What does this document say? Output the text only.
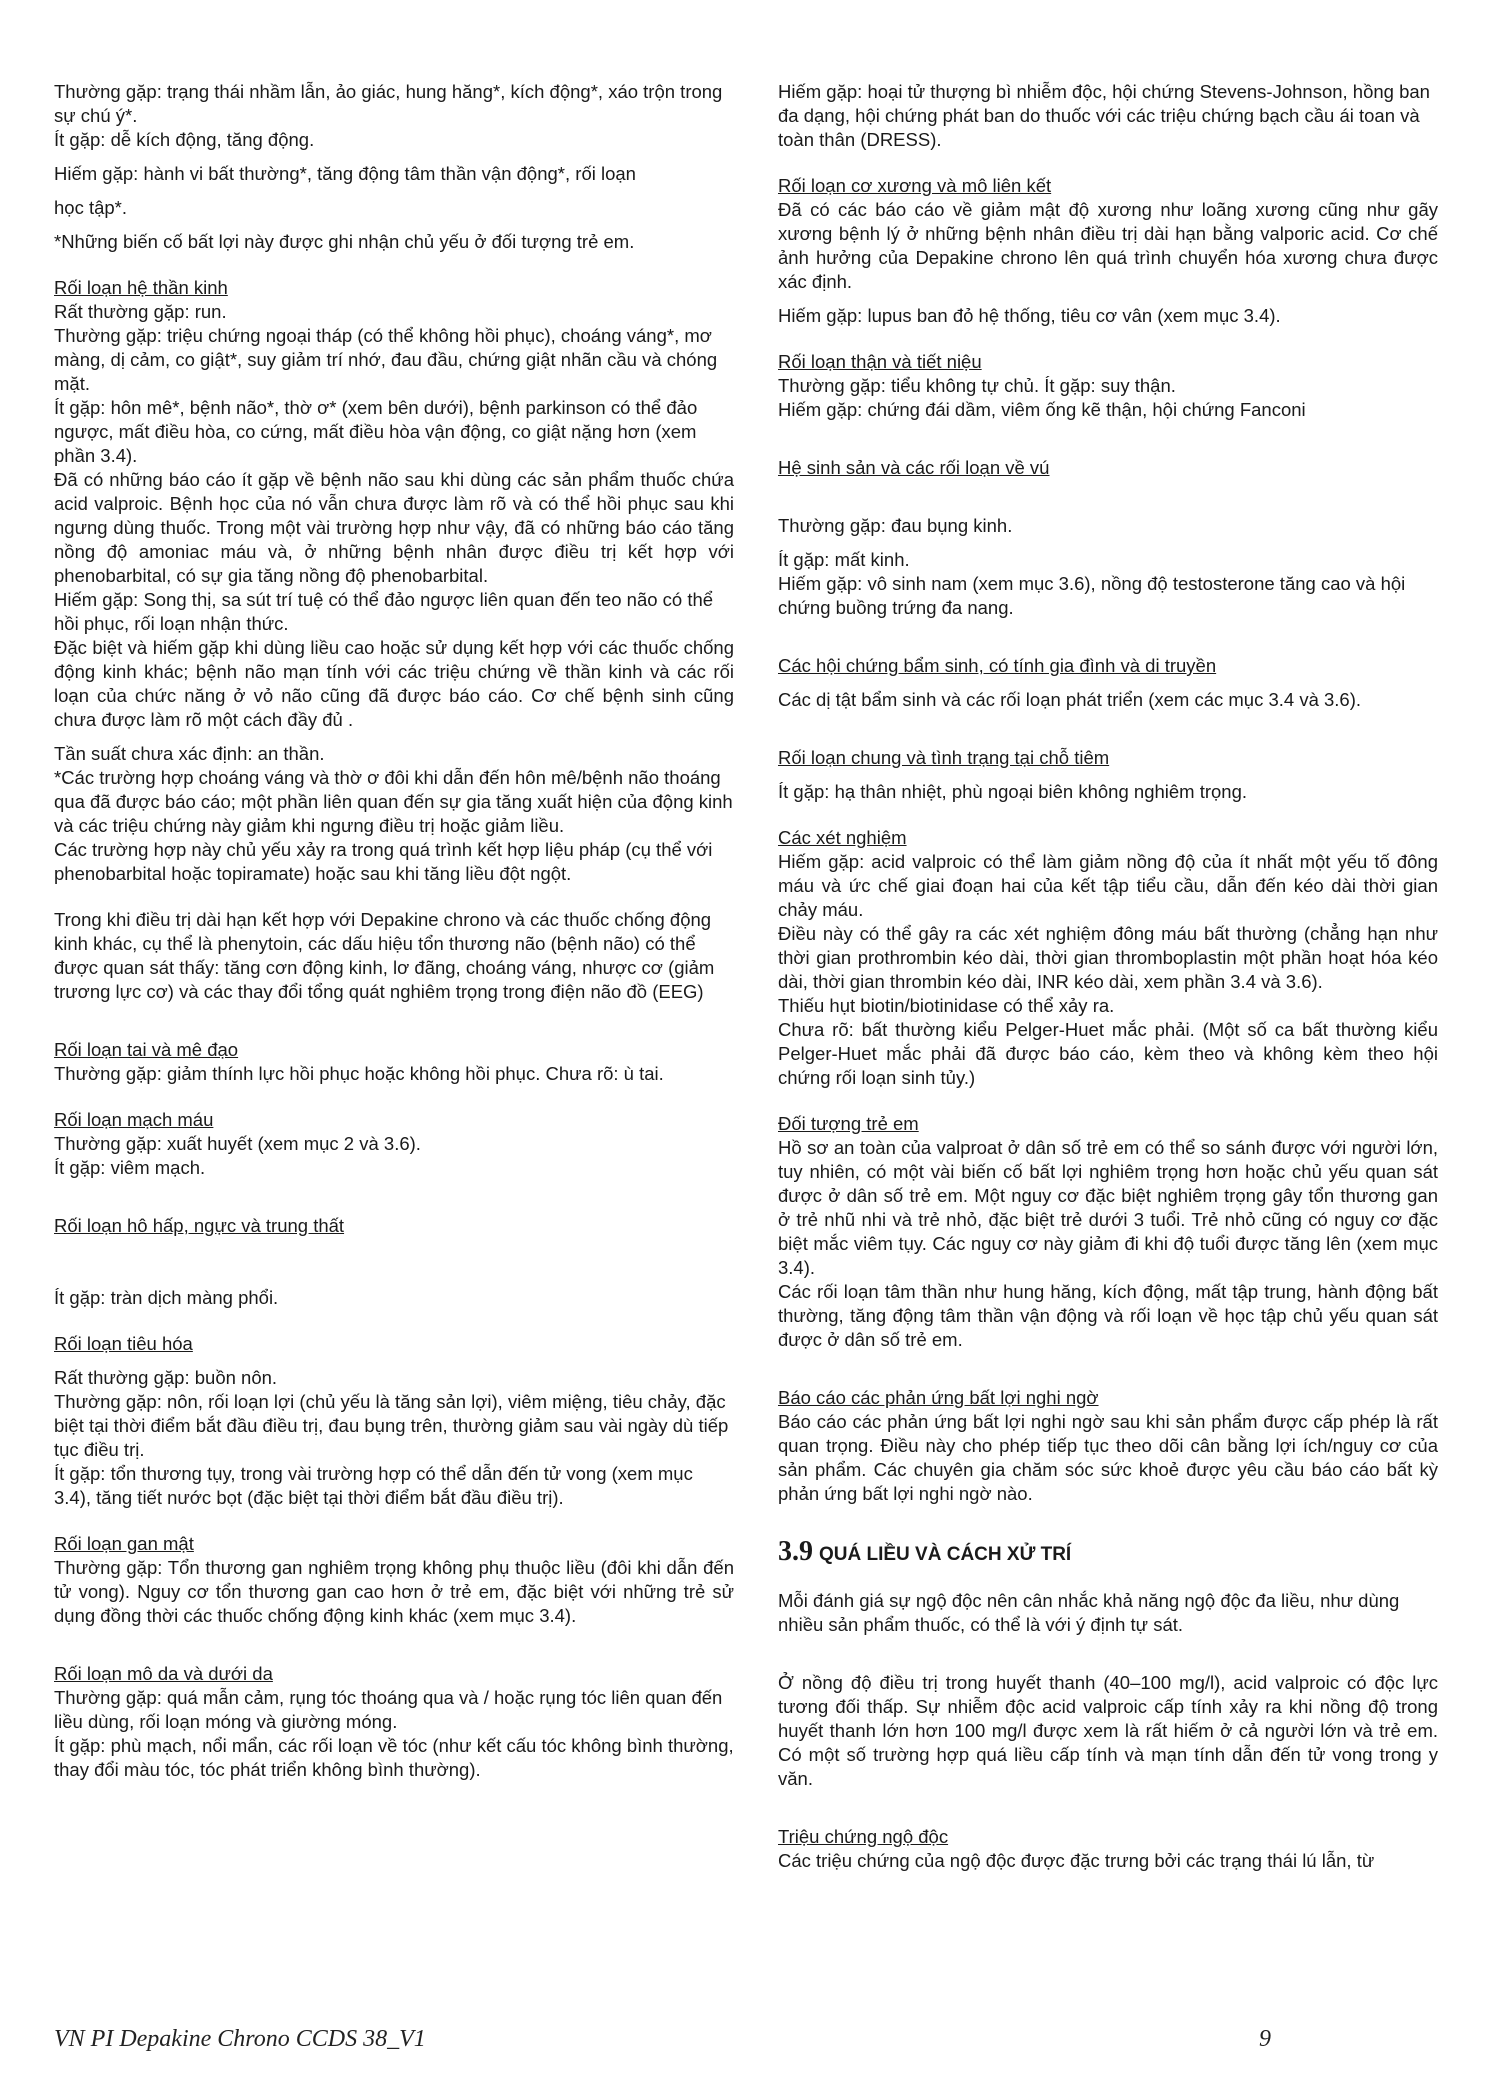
Thường gặp: trạng thái nhầm lẫn, ảo giác, hung hăng*, kích động*, xáo trộn trong sự chú ý*.

Ít gặp: dễ kích động, tăng động.

Hiếm gặp: hành vi bất thường*, tăng động tâm thần vận động*, rối loạn

học tập*.

*Những biến cố bất lợi này được ghi nhận chủ yếu ở đối tượng trẻ em.

Rối loạn hệ thần kinh

Rất thường gặp: run.

Thường gặp: triệu chứng ngoại tháp (có thể không hồi phục), choáng váng*, mơ màng, dị cảm, co giật*, suy giảm trí nhớ, đau đầu, chứng giật nhãn cầu và chóng mặt.

Ít gặp: hôn mê*, bệnh não*, thờ ơ* (xem bên dưới), bệnh parkinson có thể đảo ngược, mất điều hòa, co cứng, mất điều hòa vận động, co giật nặng hơn (xem phần 3.4).

Đã có những báo cáo ít gặp về bệnh não sau khi dùng các sản phẩm thuốc chứa acid valproic. Bệnh học của nó vẫn chưa được làm rõ và có thể hồi phục sau khi ngưng dùng thuốc. Trong một vài trường hợp như vậy, đã có những báo cáo tăng nồng độ amoniac máu và, ở những bệnh nhân được điều trị kết hợp với phenobarbital, có sự gia tăng nồng độ phenobarbital.

Hiếm gặp: Song thị, sa sút trí tuệ có thể đảo ngược liên quan đến teo não có thể hồi phục, rối loạn nhận thức.

Đặc biệt và hiếm gặp khi dùng liều cao hoặc sử dụng kết hợp với các thuốc chống động kinh khác; bệnh não mạn tính với các triệu chứng về thần kinh và các rối loạn của chức năng ở vỏ não cũng đã được báo cáo. Cơ chế bệnh sinh cũng chưa được làm rõ một cách đầy đủ .

Tần suất chưa xác định: an thần.

*Các trường hợp choáng váng và thờ ơ đôi khi dẫn đến hôn mê/bệnh não thoáng qua đã được báo cáo; một phần liên quan đến sự gia tăng xuất hiện của động kinh và các triệu chứng này giảm khi ngưng điều trị hoặc giảm liều.

Các trường hợp này chủ yếu xảy ra trong quá trình kết hợp liệu pháp (cụ thể với phenobarbital hoặc topiramate) hoặc sau khi tăng liều đột ngột.

Trong khi điều trị dài hạn kết hợp với Depakine chrono và các thuốc chống động kinh khác, cụ thể là phenytoin, các dấu hiệu tổn thương não (bệnh não) có thể được quan sát thấy: tăng cơn động kinh, lơ đãng, choáng váng, nhược cơ (giảm trương lực cơ) và các thay đổi tổng quát nghiêm trọng trong điện não đồ (EEG)

Rối loạn tai và mê đạo

Thường gặp: giảm thính lực hồi phục hoặc không hồi phục. Chưa rõ: ù tai.

Rối loạn mạch máu

Thường gặp: xuất huyết (xem mục 2 và 3.6).

Ít gặp: viêm mạch.

Rối loạn hô hấp, ngực và trung thất

Ít gặp: tràn dịch màng phổi.

Rối loạn tiêu hóa

Rất thường gặp: buồn nôn.

Thường gặp: nôn, rối loạn lợi (chủ yếu là tăng sản lợi), viêm miệng, tiêu chảy, đặc biệt tại thời điểm bắt đầu điều trị, đau bụng trên, thường giảm sau vài ngày dù tiếp tục điều trị.

Ít gặp: tổn thương tụy, trong vài trường hợp có thể dẫn đến tử vong (xem mục 3.4), tăng tiết nước bọt (đặc biệt tại thời điểm bắt đầu điều trị).

Rối loạn gan mật

Thường gặp: Tổn thương gan nghiêm trọng không phụ thuộc liều (đôi khi dẫn đến tử vong). Nguy cơ tổn thương gan cao hơn ở trẻ em, đặc biệt với những trẻ sử dụng đồng thời các thuốc chống động kinh khác (xem mục 3.4).

Rối loạn mô da và dưới da

Thường gặp: quá mẫn cảm, rụng tóc thoáng qua và / hoặc rụng tóc liên quan đến liều dùng, rối loạn móng và giường móng.

Ít gặp: phù mạch, nổi mẩn, các rối loạn về tóc (như kết cấu tóc không bình thường, thay đổi màu tóc, tóc phát triển không bình thường).

Hiếm gặp: hoại tử thượng bì nhiễm độc, hội chứng Stevens-Johnson, hồng ban đa dạng, hội chứng phát ban do thuốc với các triệu chứng bạch cầu ái toan và toàn thân (DRESS).

Rối loạn cơ xương và mô liên kết

Đã có các báo cáo về giảm mật độ xương như loãng xương cũng như gãy xương bệnh lý ở những bệnh nhân điều trị dài hạn bằng valporic acid. Cơ chế ảnh hưởng của Depakine chrono lên quá trình chuyển hóa xương chưa được xác định.

Hiếm gặp: lupus ban đỏ hệ thống, tiêu cơ vân (xem mục 3.4).

Rối loạn thận và tiết niệu

Thường gặp: tiểu không tự chủ. Ít gặp: suy thận.

Hiếm gặp: chứng đái dầm, viêm ống kẽ thận, hội chứng Fanconi

Hệ sinh sản và các rối loạn về vú

Thường gặp: đau bụng kinh.

Ít gặp: mất kinh.

Hiếm gặp: vô sinh nam (xem mục 3.6), nồng độ testosterone tăng cao và hội chứng buồng trứng đa nang.

Các hội chứng bẩm sinh, có tính gia đình và di truyền

Các dị tật bẩm sinh và các rối loạn phát triển (xem các mục 3.4 và 3.6).

Rối loạn chung và tình trạng tại chỗ tiêm

Ít gặp: hạ thân nhiệt, phù ngoại biên không nghiêm trọng.

Các xét nghiệm

Hiếm gặp: acid valproic có thể làm giảm nồng độ của ít nhất một yếu tố đông máu và ức chế giai đoạn hai của kết tập tiểu cầu, dẫn đến kéo dài thời gian chảy máu.

Điều này có thể gây ra các xét nghiệm đông máu bất thường (chẳng hạn như thời gian prothrombin kéo dài, thời gian thromboplastin một phần hoạt hóa kéo dài, thời gian thrombin kéo dài, INR kéo dài, xem phần 3.4 và 3.6).

Thiếu hụt biotin/biotinidase có thể xảy ra.

Chưa rõ: bất thường kiểu Pelger-Huet mắc phải. (Một số ca bất thường kiểu Pelger-Huet mắc phải đã được báo cáo, kèm theo và không kèm theo hội chứng rối loạn sinh tủy.)

Đối tượng trẻ em

Hồ sơ an toàn của valproat ở dân số trẻ em có thể so sánh được với người lớn, tuy nhiên, có một vài biến cố bất lợi nghiêm trọng hơn hoặc chủ yếu quan sát được ở dân số trẻ em. Một nguy cơ đặc biệt nghiêm trọng gây tổn thương gan ở trẻ nhũ nhi và trẻ nhỏ, đặc biệt trẻ dưới 3 tuổi. Trẻ nhỏ cũng có nguy cơ đặc biệt mắc viêm tụy. Các nguy cơ này giảm đi khi độ tuổi được tăng lên (xem mục 3.4).

Các rối loạn tâm thần như hung hăng, kích động, mất tập trung, hành động bất thường, tăng động tâm thần vận động và rối loạn về học tập chủ yếu quan sát được ở dân số trẻ em.

Báo cáo các phản ứng bất lợi nghi ngờ

Báo cáo các phản ứng bất lợi nghi ngờ sau khi sản phẩm được cấp phép là rất quan trọng. Điều này cho phép tiếp tục theo dõi cân bằng lợi ích/nguy cơ của sản phẩm. Các chuyên gia chăm sóc sức khoẻ được yêu cầu báo cáo bất kỳ phản ứng bất lợi nghi ngờ nào.

3.9 QUÁ LIỀU VÀ CÁCH XỬ TRÍ

Mỗi đánh giá sự ngộ độc nên cân nhắc khả năng ngộ độc đa liều, như dùng nhiều sản phẩm thuốc, có thể là với ý định tự sát.

Ở nồng độ điều trị trong huyết thanh (40–100 mg/l), acid valproic có độc lực tương đối thấp. Sự nhiễm độc acid valproic cấp tính xảy ra khi nồng độ trong huyết thanh lớn hơn 100 mg/l được xem là rất hiếm ở cả người lớn và trẻ em. Có một số trường hợp quá liều cấp tính và mạn tính dẫn đến tử vong trong y văn.

Triệu chứng ngộ độc

Các triệu chứng của ngộ độc được đặc trưng bởi các trạng thái lú lẫn, từ

VN PI Depakine Chrono CCDS 38_V1	9
